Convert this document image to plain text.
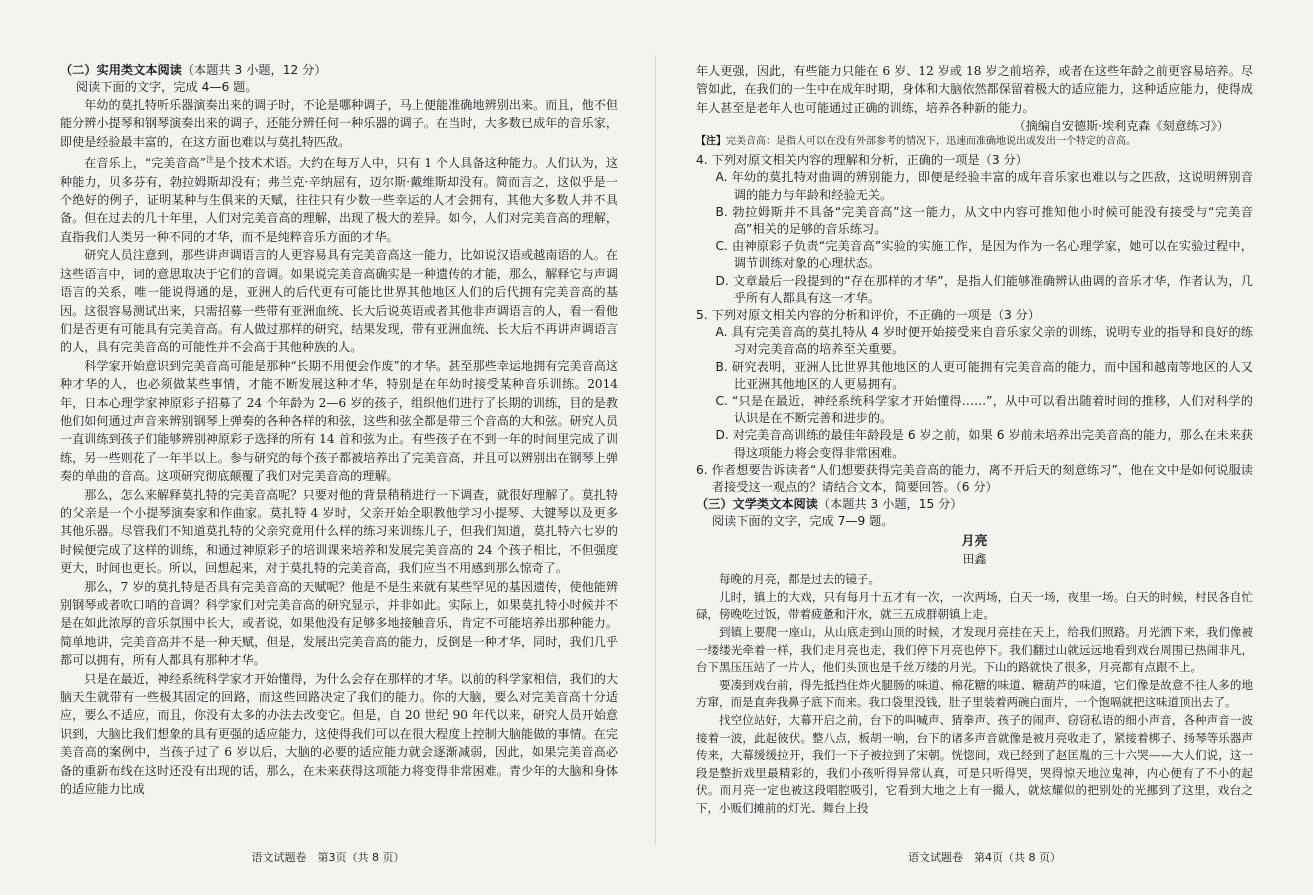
（二）实用类文本阅读（本题共 3 小题，12 分）

阅读下面的文字，完成 4—6 题。

年幼的莫扎特听乐器演奏出来的调子时，不论是哪种调子，马上便能准确地辨别出来。而且，他不但能分辨小提琴和钢琴演奏出来的调子，还能分辨任何一种乐器的调子。在当时，大多数已成年的音乐家，即使是经验最丰富的，在这方面也难以与莫扎特匹敌。

在音乐上，“完美音高”$^注$是个技术术语。大约在每万人中，只有 1 个人具备这种能力。人们认为，这种能力，贝多芬有，勃拉姆斯却没有；弗兰克·辛纳屈有，迈尔斯·戴维斯却没有。简而言之，这似乎是一个绝好的例子，证明某种与生俱来的天赋，往往只有少数一些幸运的人才会拥有，其他大多数人并不具备。但在过去的几十年里，人们对完美音高的理解，出现了极大的差异。如今，人们对完美音高的理解，直指我们人类另一种不同的才华，而不是纯粹音乐方面的才华。

研究人员注意到，那些讲声调语言的人更容易具有完美音高这一能力，比如说汉语或越南语的人。在这些语言中，词的意思取决于它们的音调。如果说完美音高确实是一种遗传的才能，那么，解释它与声调语言的关系，唯一能说得通的是，亚洲人的后代更有可能比世界其他地区人们的后代拥有完美音高的基因。这很容易测试出来，只需招募一些带有亚洲血统、长大后说英语或者其他非声调语言的人，看一看他们是否更有可能具有完美音高。有人做过那样的研究，结果发现，带有亚洲血统、长大后不再讲声调语言的人，具有完美音高的可能性并不会高于其他种族的人。

科学家开始意识到完美音高可能是那种“长期不用便会作废”的才华。甚至那些幸运地拥有完美音高这种才华的人，也必须做某些事情，才能不断发展这种才华，特别是在年幼时接受某种音乐训练。2014 年，日本心理学家神原彩子招募了 24 个年龄为 2—6 岁的孩子，组织他们进行了长期的训练，目的是教他们如何通过声音来辨别钢琴上弹奏的各种各样的和弦，这些和弦全都是带三个音高的大和弦。研究人员一直训练到孩子们能够辨别神原彩子选择的所有 14 首和弦为止。有些孩子在不到一年的时间里完成了训练，另一些则花了一年半以上。参与研究的每个孩子都被培养出了完美音高，并且可以辨别出在钢琴上弹奏的单曲的音高。这项研究彻底颠覆了我们对完美音高的理解。

那么，怎么来解释莫扎特的完美音高呢？只要对他的背景稍稍进行一下调查，就很好理解了。莫扎特的父亲是一个小提琴演奏家和作曲家。莫扎特 4 岁时，父亲开始全职教他学习小提琴、大键琴以及更多其他乐器。尽管我们不知道莫扎特的父亲究竟用什么样的练习来训练儿子，但我们知道，莫扎特六七岁的时候便完成了这样的训练，和通过神原彩子的培训课来培养和发展完美音高的 24 个孩子相比，不但强度更大，时间也更长。所以，回想起来，对于莫扎特的完美音高，我们应当不用感到那么惊奇了。

那么，7 岁的莫扎特是否具有完美音高的天赋呢？他是不是生来就有某些罕见的基因遗传，使他能辨别钢琴或者吹口哨的音调？科学家们对完美音高的研究显示，并非如此。实际上，如果莫扎特小时候并不是在如此浓厚的音乐氛围中长大，或者说，如果他没有足够多地接触音乐，肯定不可能培养出那种能力。简单地讲，完美音高并不是一种天赋，但是，发展出完美音高的能力，反倒是一种才华，同时，我们几乎都可以拥有，所有人都具有那种才华。

只是在最近，神经系统科学家才开始懂得，为什么会存在那样的才华。以前的科学家相信，我们的大脑天生就带有一些极其固定的回路，而这些回路决定了我们的能力。你的大脑，要么对完美音高十分适应，要么不适应，而且，你没有太多的办法去改变它。但是，自 20 世纪 90 年代以来，研究人员开始意识到，大脑比我们想象的具有更强的适应能力，这使得我们可以在很大程度上控制大脑能做的事情。在完美音高的案例中，当孩子过了 6 岁以后，大脑的必要的适应能力就会逐渐减弱，因此，如果完美音高必备的重新布线在这时还没有出现的话，那么，在未来获得这项能力将变得非常困难。青少年的大脑和身体的适应能力比成

语文试题卷　第3页（共 8 页）

年人更强，因此，有些能力只能在 6 岁、12 岁或 18 岁之前培养，或者在这些年龄之前更容易培养。尽管如此，在我们的一生中在成年时期，身体和大脑依然都保留着极大的适应能力，这种适应能力，使得成年人甚至是老年人也可能通过正确的训练，培养各种新的能力。

（摘编自安德斯·埃利克森《刻意练习》）

【注】完美音高：是指人可以在没有外部参考的情况下，迅速而准确地说出或发出一个特定的音高。

4. 下列对原文相关内容的理解和分析，正确的一项是（3 分）

A. 年幼的莫扎特对曲调的辨别能力，即便是经验丰富的成年音乐家也难以与之匹敌，这说明辨别音调的能力与年龄和经验无关。

B. 勃拉姆斯并不具备“完美音高”这一能力，从文中内容可推知他小时候可能没有接受与“完美音高”相关的足够的音乐练习。

C. 由神原彩子负责“完美音高”实验的实施工作，是因为作为一名心理学家，她可以在实验过程中，调节训练对象的心理状态。

D. 文章最后一段提到的“存在那样的才华”，是指人们能够准确辨认曲调的音乐才华，作者认为，几乎所有人都具有这一才华。

5. 下列对原文相关内容的分析和评价，不正确的一项是（3 分）

A. 具有完美音高的莫扎特从 4 岁时便开始接受来自音乐家父亲的训练，说明专业的指导和良好的练习对完美音高的培养至关重要。

B. 研究表明，亚洲人比世界其他地区的人更可能拥有完美音高的能力，而中国和越南等地区的人又比亚洲其他地区的人更易拥有。

C. “只是在最近，神经系统科学家才开始懂得……”，从中可以看出随着时间的推移，人们对科学的认识是在不断完善和进步的。

D. 对完美音高训练的最佳年龄段是 6 岁之前，如果 6 岁前未培养出完美音高的能力，那么在未来获得这项能力将会变得非常困难。

6. 作者想要告诉读者“人们想要获得完美音高的能力，离不开后天的刻意练习”，他在文中是如何说服读者接受这一观点的？请结合文本，简要回答。（6 分）

（三）文学类文本阅读（本题共 3 小题，15 分）

阅读下面的文字，完成 7—9 题。

月亮

田鑫

每晚的月亮，都是过去的镜子。

儿时，镇上的大戏，只有每月十五才有一次，一次两场，白天一场，夜里一场。白天的时候，村民各自忙碌，傍晚吃过饭，带着疲惫和汗水，就三五成群朝镇上走。

到镇上要爬一座山，从山底走到山顶的时候，才发现月亮挂在天上，给我们照路。月光洒下来，我们像被一缕缕光牵着一样，我们走月亮也走，我们停下月亮也停下。我们翻过山就远远地看到戏台周围已热闹非凡，台下黑压压站了一片人，他们头顶也是千丝万缕的月光。下山的路就快了很多，月亮都有点跟不上。

要凑到戏台前，得先抵挡住炸火腿肠的味道、棉花糖的味道、糖葫芦的味道，它们像是故意不往人多的地方窜，而是直奔我鼻子底下而来。我口袋里没钱，肚子里装着两碗白面片，一个饱嗝就把这味道顶出去了。

找空位站好，大幕开启之前，台下的叫喊声、猜拳声、孩子的闹声、窃窃私语的细小声音，各种声音一波接着一波，此起彼伏。整八点，板胡一响，台下的诸多声音就像是被月亮收走了，紧接着梆子、扬琴等乐器声传来，大幕缓缓拉开，我们一下子被拉到了宋朝。恍惚间，戏已经到了赵匡胤的三十六哭——大人们说，这一段是整折戏里最精彩的，我们小孩听得异常认真，可是只听得哭，哭得惊天地泣鬼神，内心便有了不小的起伏。而月亮一定也被这段唱腔吸引，它看到大地之上有一撮人，就炫耀似的把别处的光挪到了这里，戏台之下，小贩们摊前的灯光、舞台上投

语文试题卷　第4页（共 8 页）
